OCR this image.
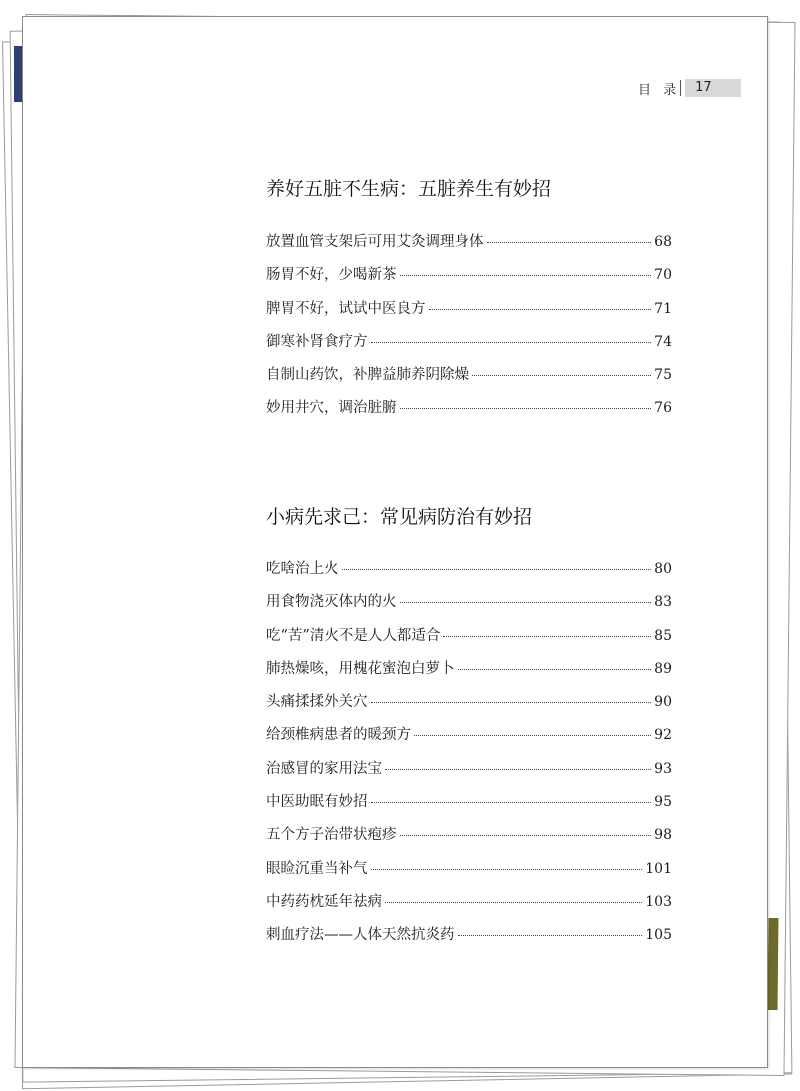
目 录	17
养好五脏不生病：五脏养生有妙招
放置血管支架后可用艾灸调理身体	68
肠胃不好，少喝新茶	70
脾胃不好，试试中医良方	71
御寒补肾食疗方	74
自制山药饮，补脾益肺养阴除燥	75
妙用井穴，调治脏腑	76
小病先求己：常见病防治有妙招
吃啥治上火	80
用食物浇灭体内的火	83
吃“苦”清火不是人人都适合	85
肺热燥咳，用槐花蜜泡白萝卜	89
头痛揉揉外关穴	90
给颈椎病患者的暖颈方	92
治感冒的家用法宝	93
中医助眠有妙招	95
五个方子治带状疱疹	98
眼睑沉重当补气	101
中药药枕延年祛病	103
刺血疗法——人体天然抗炎药	105
